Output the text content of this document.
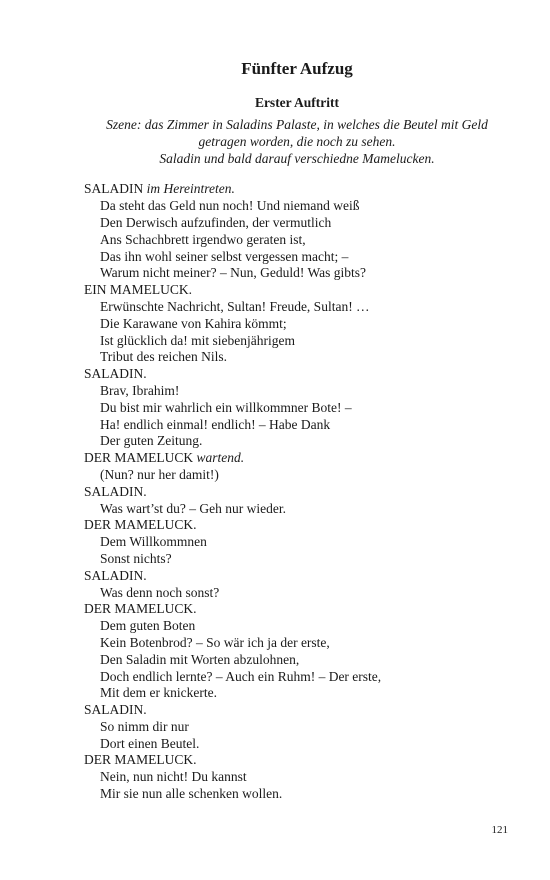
Fünfter Aufzug
Erster Auftritt
Szene: das Zimmer in Saladins Palaste, in welches die Beutel mit Geld
getragen worden, die noch zu sehen.
Saladin und bald darauf verschiedne Mamelucken.
SALADIN im Hereintreten.
Da steht das Geld nun noch! Und niemand weiß
Den Derwisch aufzufinden, der vermutlich
Ans Schachbrett irgendwo geraten ist,
Das ihn wohl seiner selbst vergessen macht; –
Warum nicht meiner? – Nun, Geduld! Was gibts?
EIN MAMELUCK.
Erwünschte Nachricht, Sultan! Freude, Sultan! …
Die Karawane von Kahira kömmt;
Ist glücklich da! mit siebenjährigem
Tribut des reichen Nils.
SALADIN.
Brav, Ibrahim!
Du bist mir wahrlich ein willkommner Bote! –
Ha! endlich einmal! endlich! – Habe Dank
Der guten Zeitung.
DER MAMELUCK wartend.
(Nun? nur her damit!)
SALADIN.
Was wart’st du? – Geh nur wieder.
DER MAMELUCK.
Dem Willkommnen
Sonst nichts?
SALADIN.
Was denn noch sonst?
DER MAMELUCK.
Dem guten Boten
Kein Botenbrod? – So wär ich ja der erste,
Den Saladin mit Worten abzulohnen,
Doch endlich lernte? – Auch ein Ruhm! – Der erste,
Mit dem er knickerte.
SALADIN.
So nimm dir nur
Dort einen Beutel.
DER MAMELUCK.
Nein, nun nicht! Du kannst
Mir sie nun alle schenken wollen.
121
